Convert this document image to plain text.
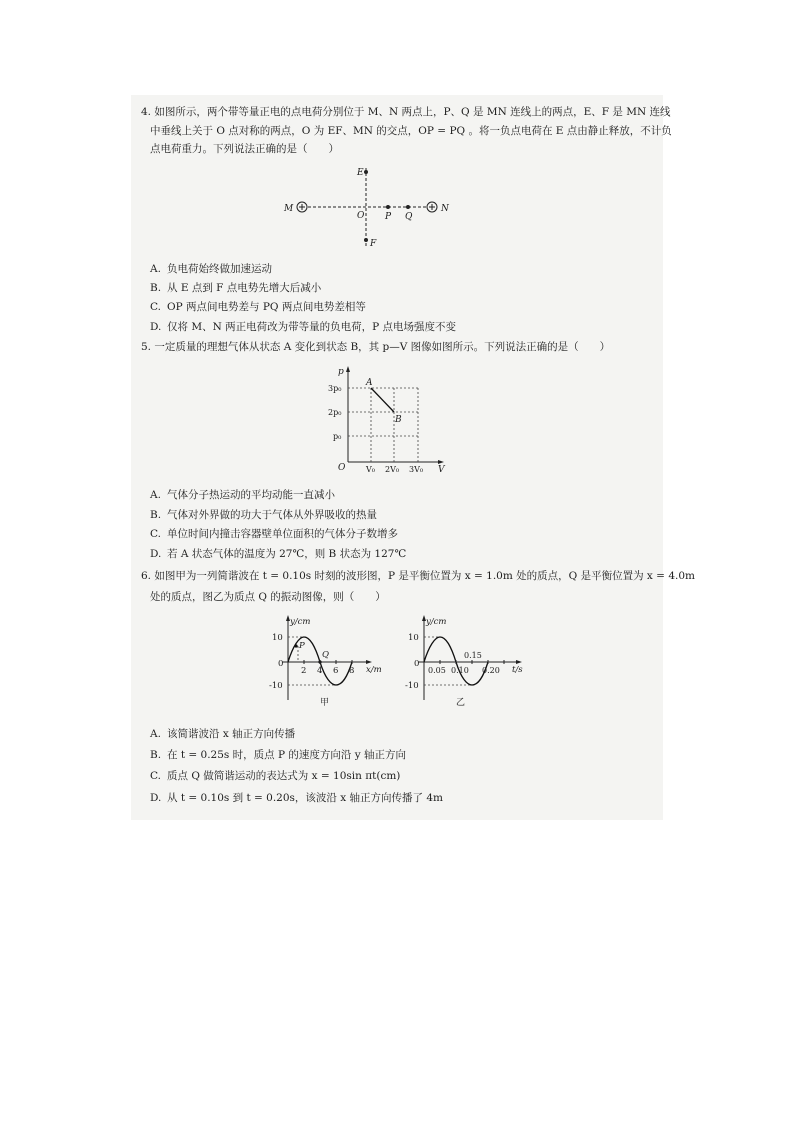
4. 如图所示，两个带等量正电的点电荷分别位于 M、N 两点上，P、Q 是 MN 连线上的两点，E、F 是 MN 连线
中垂线上关于 O 点对称的两点，O 为 EF、MN 的交点，OP = PQ 。将一负点电荷在 E 点由静止释放，不计负
点电荷重力。下列说法正确的是（　　）
E
F
M	N
O P Q
A. 负电荷始终做加速运动
B. 从 E 点到 F 点电势先增大后减小
C. OP 两点间电势差与 PQ 两点间电势差相等
D. 仅将 M、N 两正电荷改为带等量的负电荷，P 点电场强度不变
5. 一定质量的理想气体从状态 A 变化到状态 B，其 p—V 图像如图所示。下列说法正确的是（　　）
p
V
O
3p₀
2p₀
p₀
V₀ 2V₀ 3V₀
A
B
A. 气体分子热运动的平均动能一直减小
B. 气体对外界做的功大于气体从外界吸收的热量
C. 单位时间内撞击容器壁单位面积的气体分子数增多
D. 若 A 状态气体的温度为 27℃，则 B 状态为 127℃
6. 如图甲为一列简谐波在 t = 0.10s 时刻的波形图，P 是平衡位置为 x = 1.0m 处的质点，Q 是平衡位置为 x = 4.0m
处的质点，图乙为质点 Q 的振动图像，则（　　）
y/cm
x/m
0
10
-10
2 4 6 8
P
Q
甲
y/cm
t/s
0
10
-10
0.05 0.10 0.20
0.15
乙
A. 该简谐波沿 x 轴正方向传播
B. 在 t = 0.25s 时，质点 P 的速度方向沿 y 轴正方向
C. 质点 Q 做简谐运动的表达式为 x = 10sin πt(cm)
D. 从 t = 0.10s 到 t = 0.20s，该波沿 x 轴正方向传播了 4m
